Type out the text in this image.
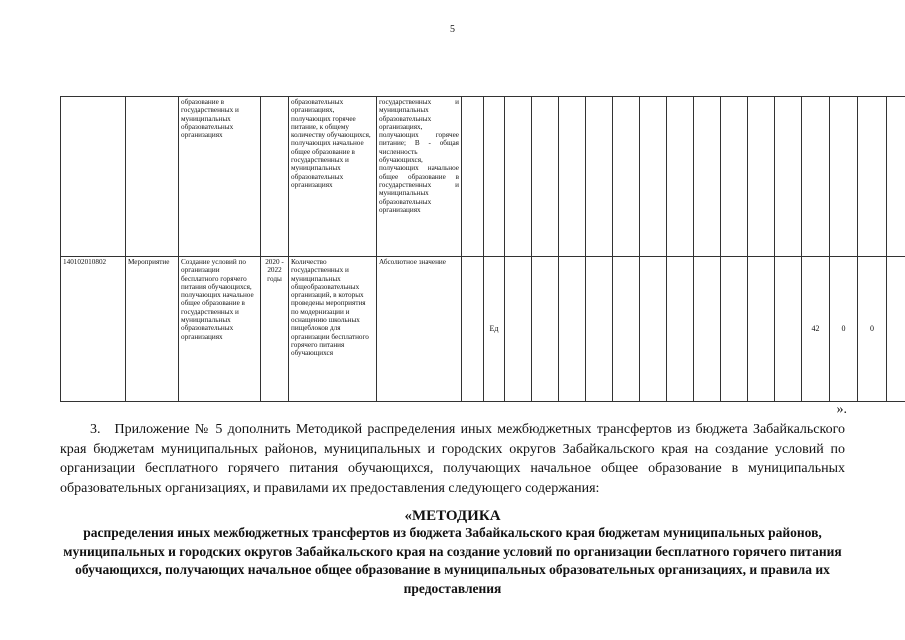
5
		образование в государственных и муниципальных образовательных организациях		образовательных организациях, получающих горячее питание, к общему количеству обучающихся, получающих начальное общее образование в государственных и муниципальных образовательных организациях	государственных и муниципальных образовательных организациях, получающих горячее питание; В - общая численность обучающихся, получающих начальное общее образование в государственных и муниципальных образовательных организациях																	
140102010802	Мероприятие	Создание условий по организации бесплатного горячего питания обучающихся, получающих начальное общее образование в государственных и муниципальных образовательных организациях	2020 - 2022 годы	Количество государственных и муниципальных общеобразовательных организаций, в которых проведены мероприятия по модернизации и оснащению школьных пищеблоков для организации бесплатного горячего питания обучающихся	Абсолютное значение		Ед												42	0	0	
».
3. Приложение № 5 дополнить Методикой распределения иных межбюджетных трансфертов из бюджета Забайкальского края бюджетам муниципальных районов, муниципальных и городских округов Забайкальского края на создание условий по организации бесплатного горячего питания обучающихся, получающих начальное общее образование в муниципальных образовательных организациях, и правилами их предоставления следующего содержания:
«МЕТОДИКА
распределения иных межбюджетных трансфертов из бюджета Забайкальского края бюджетам муниципальных районов, муниципальных и городских округов Забайкальского края на создание условий по организации бесплатного горячего питания обучающихся, получающих начальное общее образование в муниципальных образовательных организациях, и правила их предоставления
